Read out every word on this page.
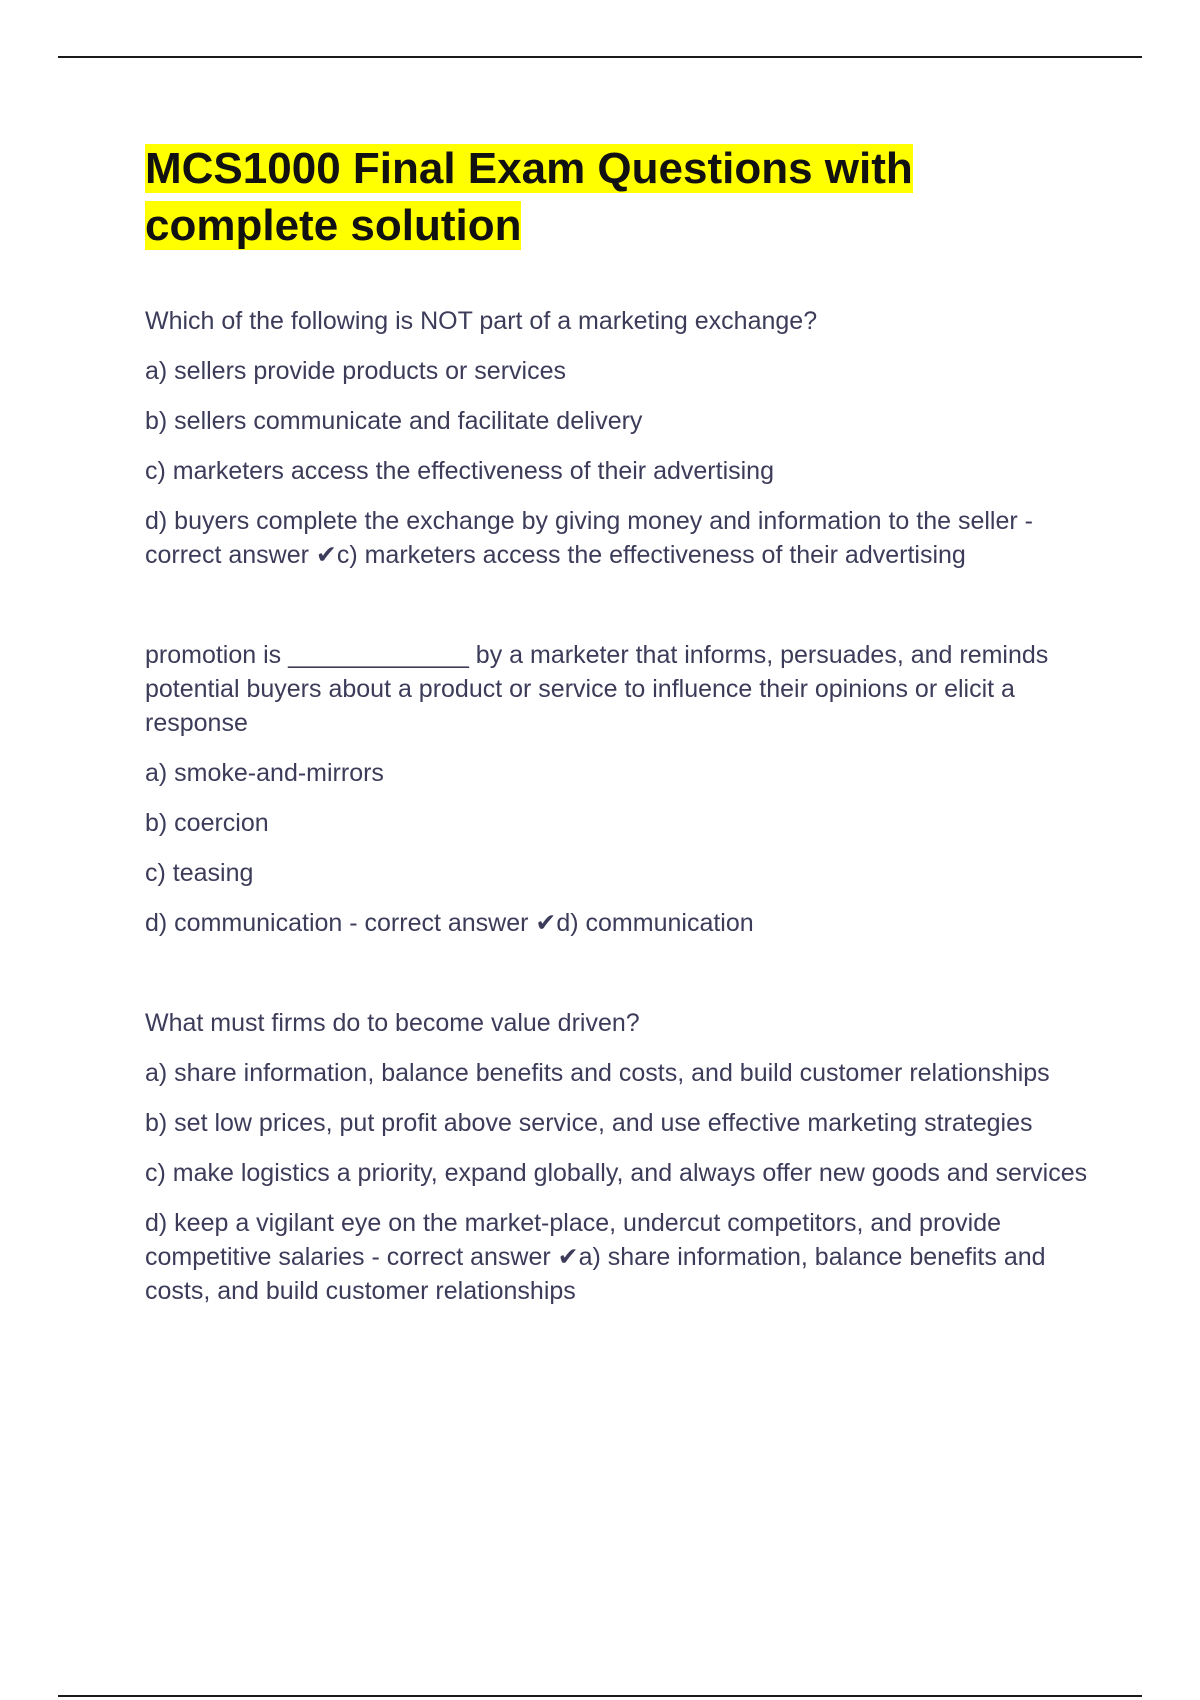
MCS1000 Final Exam Questions with complete solution

Which of the following is NOT part of a marketing exchange?

a) sellers provide products or services

b) sellers communicate and facilitate delivery

c) marketers access the effectiveness of their advertising

d) buyers complete the exchange by giving money and information to the seller - correct answer ✔c) marketers access the effectiveness of their advertising

promotion is _____________ by a marketer that informs, persuades, and reminds potential buyers about a product or service to influence their opinions or elicit a response

a) smoke-and-mirrors

b) coercion

c) teasing

d) communication - correct answer ✔d) communication

What must firms do to become value driven?

a) share information, balance benefits and costs, and build customer relationships

b) set low prices, put profit above service, and use effective marketing strategies

c) make logistics a priority, expand globally, and always offer new goods and services

d) keep a vigilant eye on the market-place, undercut competitors, and provide competitive salaries - correct answer ✔a) share information, balance benefits and costs, and build customer relationships
